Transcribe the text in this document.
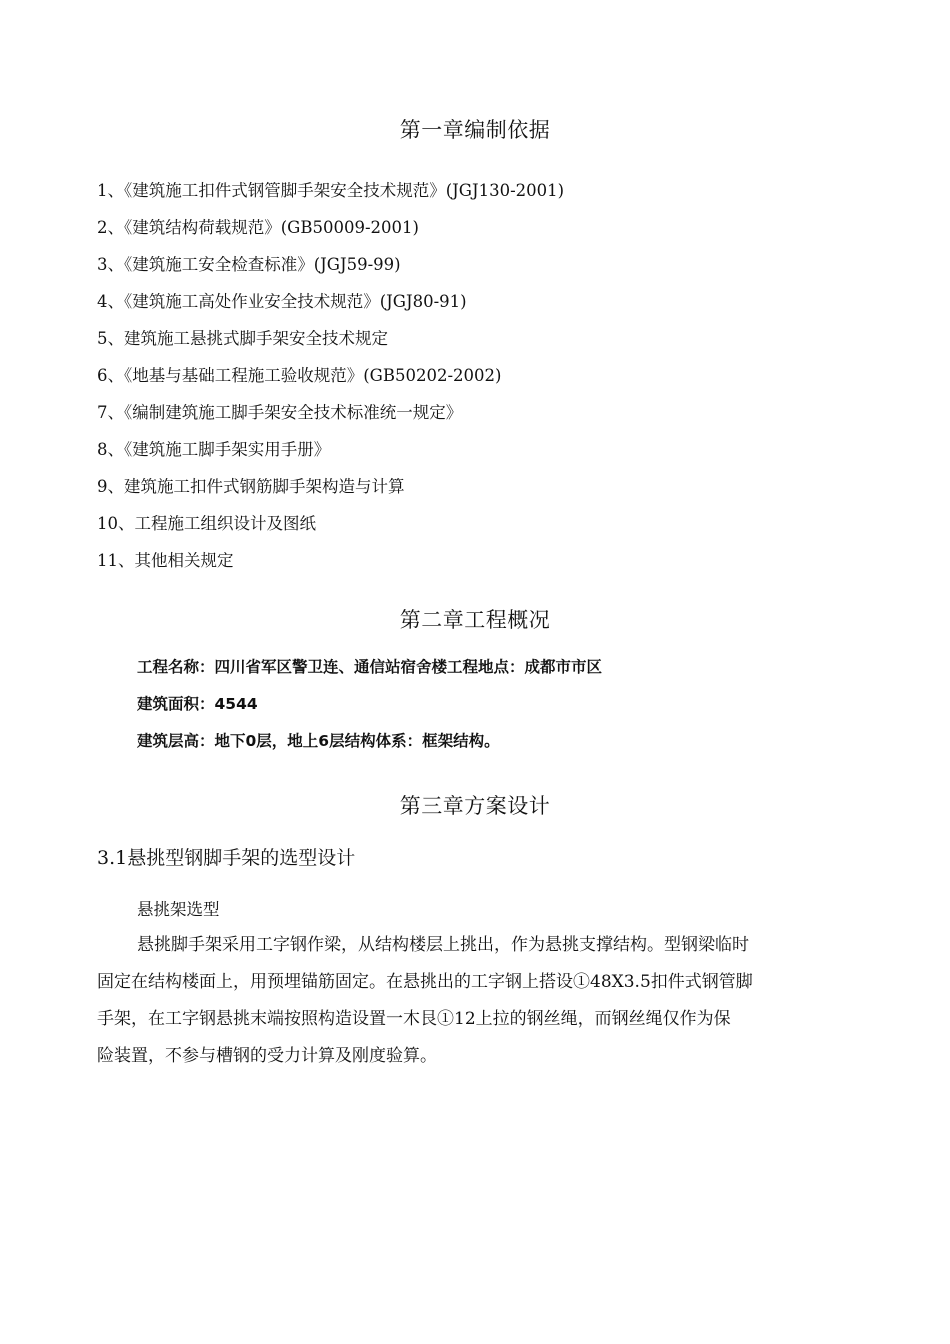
第一章编制依据
1、《建筑施工扣件式钢管脚手架安全技术规范》(JGJ130-2001)
2、《建筑结构荷载规范》(GB50009-2001)
3、《建筑施工安全检查标准》(JGJ59-99)
4、《建筑施工高处作业安全技术规范》(JGJ80-91)
5、建筑施工悬挑式脚手架安全技术规定
6、《地基与基础工程施工验收规范》(GB50202-2002)
7、《编制建筑施工脚手架安全技术标准统一规定》
8、《建筑施工脚手架实用手册》
9、建筑施工扣件式钢筋脚手架构造与计算
10、工程施工组织设计及图纸
11、其他相关规定
第二章工程概况
工程名称：四川省军区警卫连、通信站宿舍楼工程地点：成都市市区
建筑面积：4544
建筑层高：地下0层，地上6层结构体系：框架结构。
第三章方案设计
3.1悬挑型钢脚手架的选型设计
悬挑架选型
悬挑脚手架采用工字钢作梁，从结构楼层上挑出，作为悬挑支撑结构。型钢梁临时
固定在结构楼面上，用预埋锚筋固定。在悬挑出的工字钢上搭设①48X3.5扣件式钢管脚
手架，在工字钢悬挑末端按照构造设置一木艮①12上拉的钢丝绳，而钢丝绳仅作为保
险装置，不参与槽钢的受力计算及刚度验算。
